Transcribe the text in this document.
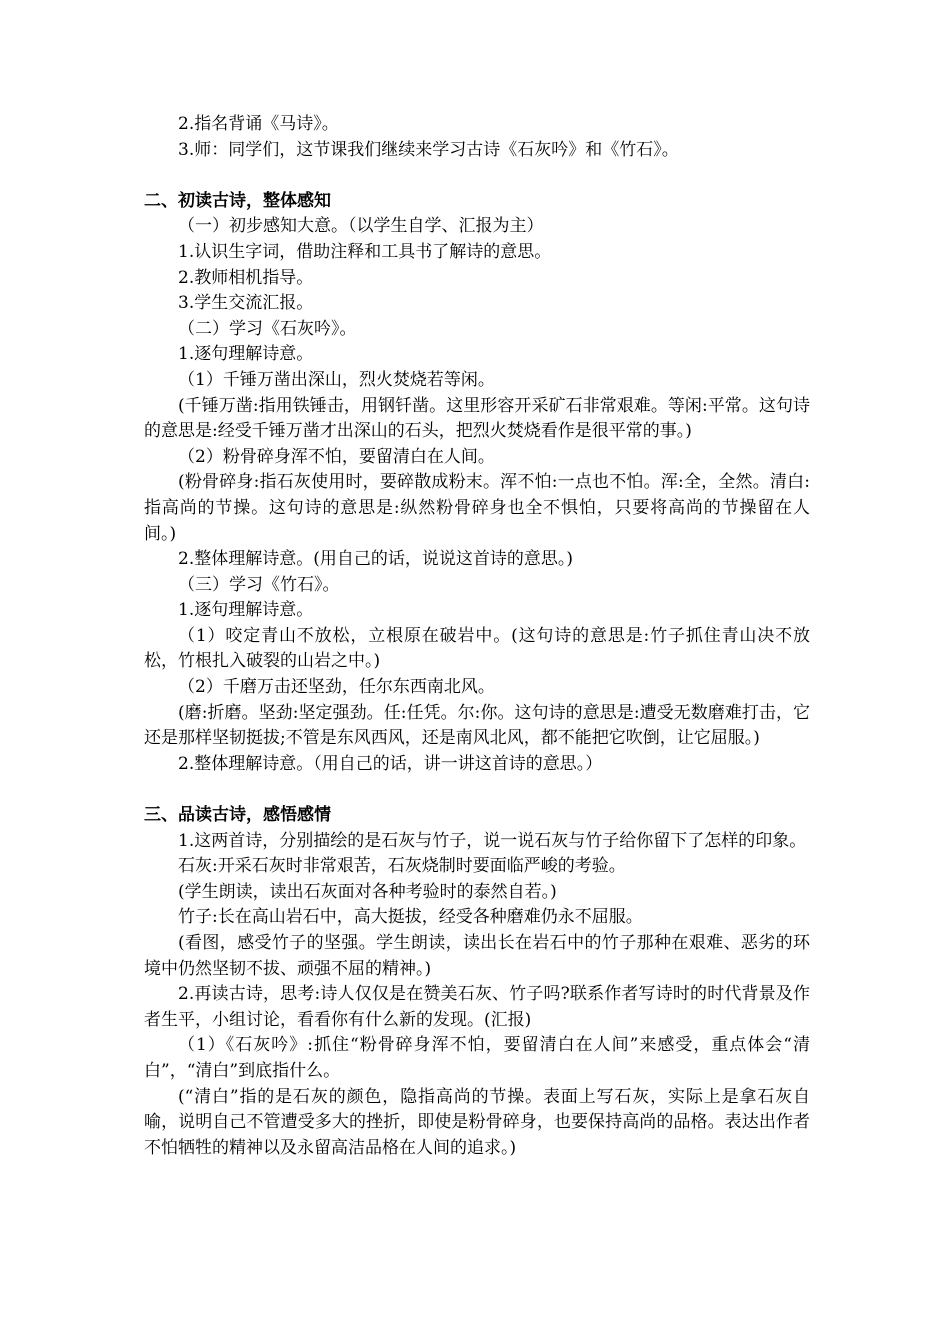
2.指名背诵《马诗》。

3.师：同学们，这节课我们继续来学习古诗《石灰吟》和《竹石》。

二、初读古诗，整体感知

（一）初步感知大意。（以学生自学、汇报为主）

1.认识生字词，借助注释和工具书了解诗的意思。

2.教师相机指导。

3.学生交流汇报。

（二）学习《石灰吟》。

1.逐句理解诗意。

（1）千锤万凿出深山，烈火焚烧若等闲。

(千锤万凿:指用铁锤击，用钢钎凿。这里形容开采矿石非常艰难。等闲:平常。这句诗的意思是:经受千锤万凿才出深山的石头，把烈火焚烧看作是很平常的事。)

（2）粉骨碎身浑不怕，要留清白在人间。

(粉骨碎身:指石灰使用时，要碎散成粉末。浑不怕:一点也不怕。浑:全，全然。清白:指高尚的节操。这句诗的意思是:纵然粉骨碎身也全不惧怕，只要将高尚的节操留在人间。)

2.整体理解诗意。(用自己的话，说说这首诗的意思。)

（三）学习《竹石》。

1.逐句理解诗意。

（1）咬定青山不放松，立根原在破岩中。(这句诗的意思是:竹子抓住青山决不放松，竹根扎入破裂的山岩之中。)

（2）千磨万击还坚劲，任尔东西南北风。

(磨:折磨。坚劲:坚定强劲。任:任凭。尔:你。这句诗的意思是:遭受无数磨难打击，它还是那样坚韧挺拔;不管是东风西风，还是南风北风，都不能把它吹倒，让它屈服。)

2.整体理解诗意。（用自己的话，讲一讲这首诗的意思。）

三、品读古诗，感悟感情

1.这两首诗，分别描绘的是石灰与竹子，说一说石灰与竹子给你留下了怎样的印象。

石灰:开采石灰时非常艰苦，石灰烧制时要面临严峻的考验。

(学生朗读，读出石灰面对各种考验时的泰然自若。)

竹子:长在高山岩石中，高大挺拔，经受各种磨难仍永不屈服。

(看图，感受竹子的坚强。学生朗读，读出长在岩石中的竹子那种在艰难、恶劣的环境中仍然坚韧不拔、顽强不屈的精神。)

2.再读古诗，思考:诗人仅仅是在赞美石灰、竹子吗?联系作者写诗时的时代背景及作者生平，小组讨论，看看你有什么新的发现。(汇报)

（1）《石灰吟》:抓住“粉骨碎身浑不怕，要留清白在人间”来感受，重点体会“清白”，“清白”到底指什么。

(“清白”指的是石灰的颜色，隐指高尚的节操。表面上写石灰，实际上是拿石灰自喻，说明自己不管遭受多大的挫折，即使是粉骨碎身，也要保持高尚的品格。表达出作者不怕牺牲的精神以及永留高洁品格在人间的追求。)
